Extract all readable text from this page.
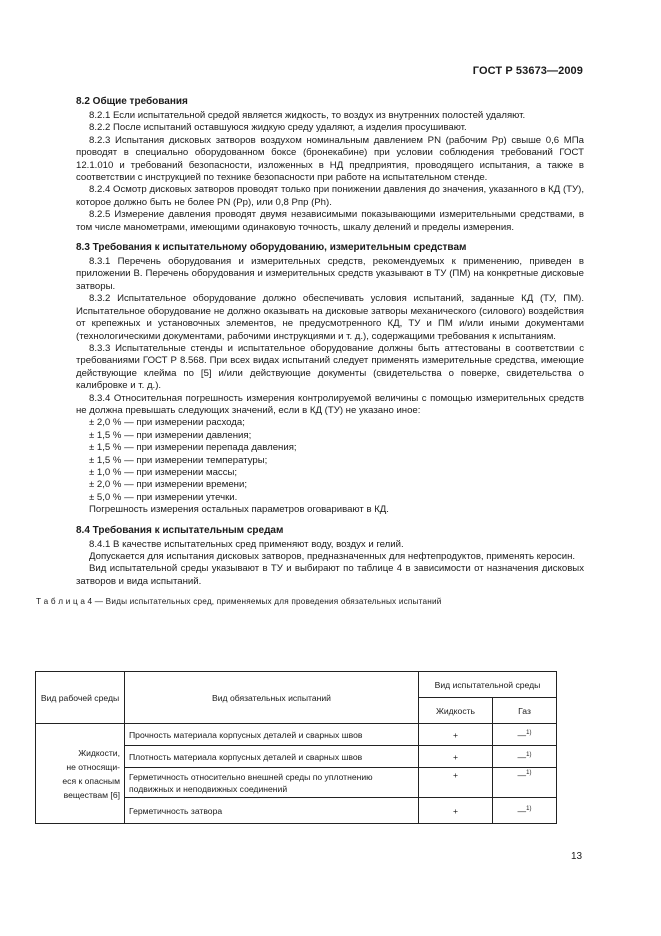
ГОСТ Р 53673—2009
8.2 Общие требования

8.2.1 Если испытательной средой является жидкость, то воздух из внутренних полостей удаляют.

8.2.2 После испытаний оставшуюся жидкую среду удаляют, а изделия просушивают.

8.2.3 Испытания дисковых затворов воздухом номинальным давлением PN (рабочим Pр) свыше 0,6 МПа проводят в специально оборудованном боксе (бронекабине) при условии соблюдения требований ГОСТ 12.1.010 и требований безопасности, изложенных в НД предприятия, проводящего испытания, а также в соответствии с инструкцией по технике безопасности при работе на испытательном стенде.

8.2.4 Осмотр дисковых затворов проводят только при понижении давления до значения, указанного в КД (ТУ), которое должно быть не более PN (Pр), или 0,8 Pпр (Ph).

8.2.5 Измерение давления проводят двумя независимыми показывающими измерительными средствами, в том числе манометрами, имеющими одинаковую точность, шкалу делений и пределы измерения.

8.3 Требования к испытательному оборудованию, измерительным средствам

8.3.1 Перечень оборудования и измерительных средств, рекомендуемых к применению, приведен в приложении В. Перечень оборудования и измерительных средств указывают в ТУ (ПМ) на конкретные дисковые затворы.

8.3.2 Испытательное оборудование должно обеспечивать условия испытаний, заданные КД (ТУ, ПМ). Испытательное оборудование не должно оказывать на дисковые затворы механического (силового) воздействия от крепежных и установочных элементов, не предусмотренного КД, ТУ и ПМ и/или иными документами (технологическими документами, рабочими инструкциями и т. д.), содержащими требования к испытаниям.

8.3.3 Испытательные стенды и испытательное оборудование должны быть аттестованы в соответствии с требованиями ГОСТ Р 8.568. При всех видах испытаний следует применять измерительные средства, имеющие действующие клейма по [5] и/или действующие документы (свидетельства о поверке, свидетельства о калибровке и т. д.).

8.3.4 Относительная погрешность измерения контролируемой величины с помощью измерительных средств не должна превышать следующих значений, если в КД (ТУ) не указано иное:

± 2,0 % — при измерении расхода;

± 1,5 % — при измерении давления;

± 1,5 % — при измерении перепада давления;

± 1,5 % — при измерении температуры;

± 1,0 % — при измерении массы;

± 2,0 % — при измерении времени;

± 5,0 % — при измерении утечки.

Погрешность измерения остальных параметров оговаривают в КД.

8.4 Требования к испытательным средам

8.4.1 В качестве испытательных сред применяют воду, воздух и гелий.

Допускается для испытания дисковых затворов, предназначенных для нефтепродуктов, применять керосин.

Вид испытательной среды указывают в ТУ и выбирают по таблице 4 в зависимости от назначения дисковых затворов и вида испытаний.

Т а б л и ц а 4 — Виды испытательных сред, применяемых для проведения обязательных испытаний
Вид рабочей среды	Вид обязательных испытаний	Вид испытательной среды	
		Жидкость	Газ
Жидкости,
не относящи-
еся к опасным
веществам [6]	Прочность материала корпусных деталей и сварных швов	+	—$^{1)}$
	Плотность материала корпусных деталей и сварных швов	+	—$^{1)}$
	Герметичность относительно внешней среды по уплотнению подвижных и неподвижных соединений	+	—$^{1)}$
	Герметичность затвора	+	—$^{1)}$
13
